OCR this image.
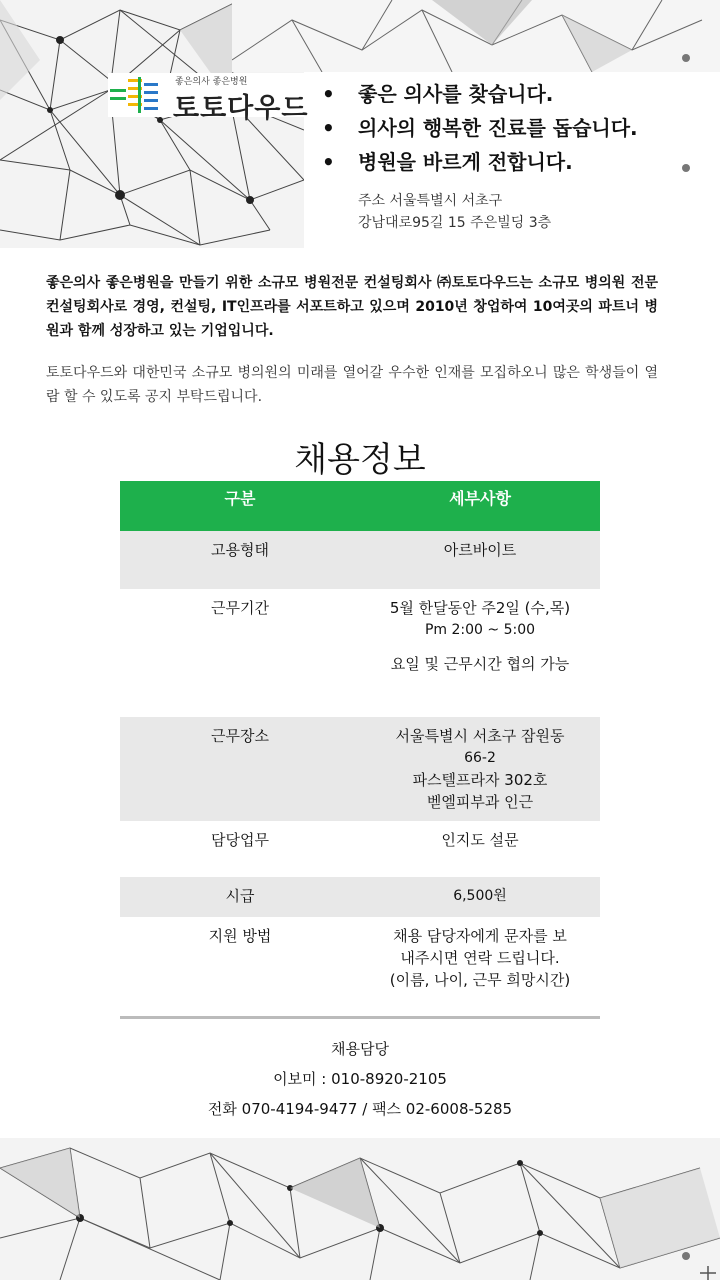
좋은의사 좋은병원
토토다우드
•	좋은 의사를 찾습니다.
• 의사의 행복한 진료를 돕습니다.
• 병원을 바르게 전합니다.
주소 서울특별시 서초구
강남대로95길 15 주은빌딩 3층

좋은의사 좋은병원을 만들기 위한 소규모 병원전문 컨설팅회사 ㈜토토다우드는 소규모 병의원 전문 컨설팅회사로 경영, 컨설팅, IT인프라를 서포트하고 있으며 2010년 창업하여 10여곳의 파트너 병원과 함께 성장하고 있는 기업입니다.

토토다우드와 대한민국 소규모 병의원의 미래를 열어갈 우수한 인재를 모집하오니 많은 학생들이 열람 할 수 있도록 공지 부탁드립니다.

채용정보
구분	세부사항
고용형태	아르바이트
근무기간	5월 한달동안 주2일 (수,목)
Pm 2:00 ~ 5:00
요일 및 근무시간 협의 가능
근무장소	서울특별시 서초구 잠원동
66-2
파스텔프라자 302호
벧엘피부과 인근
담당업무	인지도 설문
시급	6,500원
지원 방법	채용 담당자에게 문자를 보
내주시면 연락 드립니다.
(이름, 나이, 근무 희망시간)
채용담당
이보미 : 010-8920-2105
전화 070-4194-9477 / 팩스 02-6008-5285
